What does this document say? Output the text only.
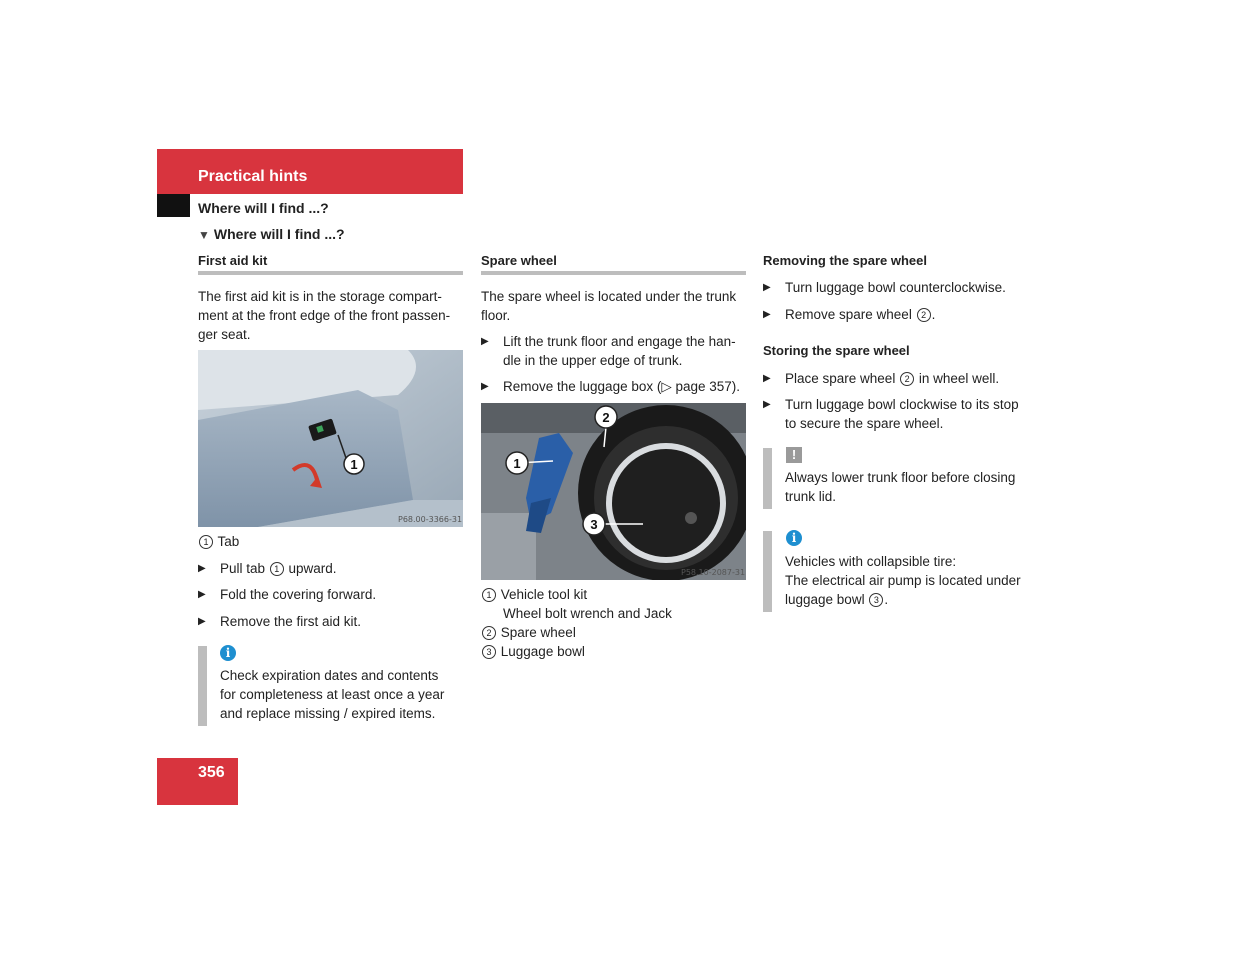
Practical hints
Where will I find ...?
▼ Where will I find ...?
First aid kit
The first aid kit is in the storage compart-
ment at the front edge of the front passen-
ger seat.
1
P68.00-3366-31
1 Tab
▶ Pull tab 1 upward.
▶ Fold the covering forward.
▶ Remove the first aid kit.
i
Check expiration dates and contents
for completeness at least once a year
and replace missing / expired items.
Spare wheel
The spare wheel is located under the trunk
floor.
▶ Lift the trunk floor and engage the han-
dle in the upper edge of trunk.
▶ Remove the luggage box (▷ page 357).
1
2
3
P58.10-2087-31
1 Vehicle tool kit
Wheel bolt wrench and Jack
2 Spare wheel
3 Luggage bowl
Removing the spare wheel
▶ Turn luggage bowl counterclockwise.
▶ Remove spare wheel 2 .
Storing the spare wheel
▶ Place spare wheel 2 in wheel well.
▶ Turn luggage bowl clockwise to its stop
to secure the spare wheel.
!
Always lower trunk floor before closing
trunk lid.
i
Vehicles with collapsible tire:
The electrical air pump is located under
luggage bowl 3 .
356
